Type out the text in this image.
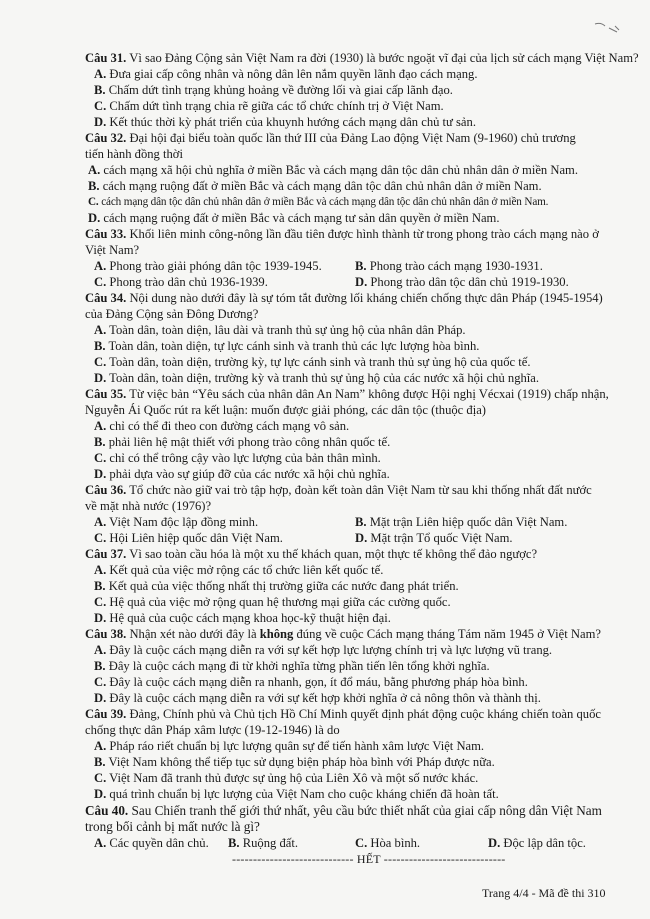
Câu 31. Vì sao Đảng Cộng sản Việt Nam ra đời (1930) là bước ngoặt vĩ đại của lịch sử cách mạng Việt Nam?
A. Đưa giai cấp công nhân và nông dân lên nắm quyền lãnh đạo cách mạng.
B. Chấm dứt tình trạng khủng hoảng về đường lối và giai cấp lãnh đạo.
C. Chấm dứt tình trạng chia rẽ giữa các tổ chức chính trị ở Việt Nam.
D. Kết thúc thời kỳ phát triển của khuynh hướng cách mạng dân chủ tư sản.
Câu 32. Đại hội đại biểu toàn quốc lần thứ III của Đảng Lao động Việt Nam (9-1960) chủ trương
tiến hành đồng thời
A. cách mạng xã hội chủ nghĩa ở miền Bắc và cách mạng dân tộc dân chủ nhân dân ở miền Nam.
B. cách mạng ruộng đất ở miền Bắc và cách mạng dân tộc dân chủ nhân dân ở miền Nam.
C. cách mạng dân tộc dân chủ nhân dân ở miền Bắc và cách mạng dân tộc dân chủ nhân dân ở miền Nam.
D. cách mạng ruộng đất ở miền Bắc và cách mạng tư sản dân quyền ở miền Nam.
Câu 33. Khối liên minh công-nông lần đầu tiên được hình thành từ trong phong trào cách mạng nào ở
Việt Nam?
A. Phong trào giải phóng dân tộc 1939-1945.	B. Phong trào cách mạng 1930-1931.
C. Phong trào dân chủ 1936-1939.	D. Phong trào dân tộc dân chủ 1919-1930.
Câu 34. Nội dung nào dưới đây là sự tóm tắt đường lối kháng chiến chống thực dân Pháp (1945-1954)
của Đảng Cộng sản Đông Dương?
A. Toàn dân, toàn diện, lâu dài và tranh thủ sự ủng hộ của nhân dân Pháp.
B. Toàn dân, toàn diện, tự lực cánh sinh và tranh thủ các lực lượng hòa bình.
C. Toàn dân, toàn diện, trường kỳ, tự lực cánh sinh và tranh thủ sự ủng hộ của quốc tế.
D. Toàn dân, toàn diện, trường kỳ và tranh thủ sự ủng hộ của các nước xã hội chủ nghĩa.
Câu 35. Từ việc bản “Yêu sách của nhân dân An Nam” không được Hội nghị Vécxai (1919) chấp nhận,
Nguyễn Ái Quốc rút ra kết luận: muốn được giải phóng, các dân tộc (thuộc địa)
A. chỉ có thể đi theo con đường cách mạng vô sản.
B. phải liên hệ mật thiết với phong trào công nhân quốc tế.
C. chỉ có thể trông cậy vào lực lượng của bản thân mình.
D. phải dựa vào sự giúp đỡ của các nước xã hội chủ nghĩa.
Câu 36. Tổ chức nào giữ vai trò tập hợp, đoàn kết toàn dân Việt Nam từ sau khi thống nhất đất nước
về mặt nhà nước (1976)?
A. Việt Nam độc lập đồng minh.	B. Mặt trận Liên hiệp quốc dân Việt Nam.
C. Hội Liên hiệp quốc dân Việt Nam.	D. Mặt trận Tổ quốc Việt Nam.
Câu 37. Vì sao toàn cầu hóa là một xu thế khách quan, một thực tế không thể đảo ngược?
A. Kết quả của việc mở rộng các tổ chức liên kết quốc tế.
B. Kết quả của việc thống nhất thị trường giữa các nước đang phát triển.
C. Hệ quả của việc mở rộng quan hệ thương mại giữa các cường quốc.
D. Hệ quả của cuộc cách mạng khoa học-kỹ thuật hiện đại.
Câu 38. Nhận xét nào dưới đây là không đúng về cuộc Cách mạng tháng Tám năm 1945 ở Việt Nam?
A. Đây là cuộc cách mạng diễn ra với sự kết hợp lực lượng chính trị và lực lượng vũ trang.
B. Đây là cuộc cách mạng đi từ khởi nghĩa từng phần tiến lên tổng khởi nghĩa.
C. Đây là cuộc cách mạng diễn ra nhanh, gọn, ít đổ máu, bằng phương pháp hòa bình.
D. Đây là cuộc cách mạng diễn ra với sự kết hợp khởi nghĩa ở cả nông thôn và thành thị.
Câu 39. Đảng, Chính phủ và Chủ tịch Hồ Chí Minh quyết định phát động cuộc kháng chiến toàn quốc
chống thực dân Pháp xâm lược (19-12-1946) là do
A. Pháp ráo riết chuẩn bị lực lượng quân sự để tiến hành xâm lược Việt Nam.
B. Việt Nam không thể tiếp tục sử dụng biện pháp hòa bình với Pháp được nữa.
C. Việt Nam đã tranh thủ được sự ủng hộ của Liên Xô và một số nước khác.
D. quá trình chuẩn bị lực lượng của Việt Nam cho cuộc kháng chiến đã hoàn tất.
Câu 40. Sau Chiến tranh thế giới thứ nhất, yêu cầu bức thiết nhất của giai cấp nông dân Việt Nam
trong bối cảnh bị mất nước là gì?
A. Các quyền dân chủ. B. Ruộng đất.	C. Hòa bình.	D. Độc lập dân tộc.
----------------------------- HẾT -----------------------------
Trang 4/4 - Mã đề thi 310
